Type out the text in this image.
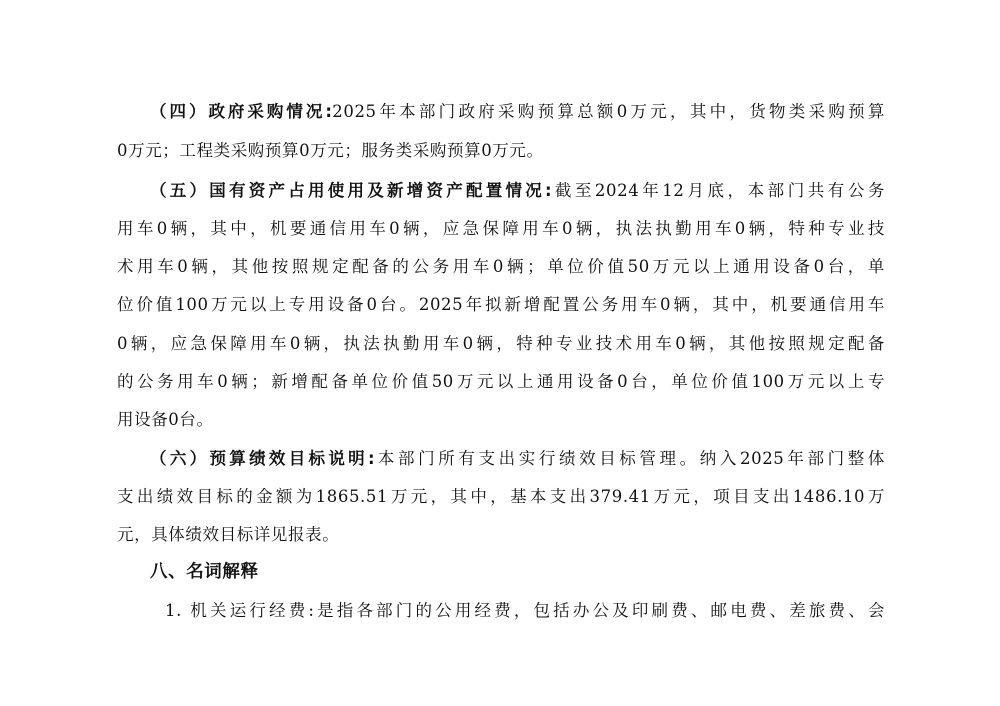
（四）政府采购情况:2025年本部门政府采购预算总额0万元，其中，货物类采购预算
0万元；工程类采购预算0万元；服务类采购预算0万元。
（五）国有资产占用使用及新增资产配置情况:截至2024年12月底，本部门共有公务
用车0辆，其中，机要通信用车0辆，应急保障用车0辆，执法执勤用车0辆，特种专业技
术用车0辆，其他按照规定配备的公务用车0辆；单位价值50万元以上通用设备0台，单
位价值100万元以上专用设备0台。2025年拟新增配置公务用车0辆，其中，机要通信用车
0辆，应急保障用车0辆，执法执勤用车0辆，特种专业技术用车0辆，其他按照规定配备
的公务用车0辆；新增配备单位价值50万元以上通用设备0台，单位价值100万元以上专
用设备0台。
（六）预算绩效目标说明:本部门所有支出实行绩效目标管理。纳入2025年部门整体
支出绩效目标的金额为1865.51万元，其中，基本支出379.41万元，项目支出1486.10万
元，具体绩效目标详见报表。
八、名词解释
1. 机关运行经费:是指各部门的公用经费，包括办公及印刷费、邮电费、差旅费、会
